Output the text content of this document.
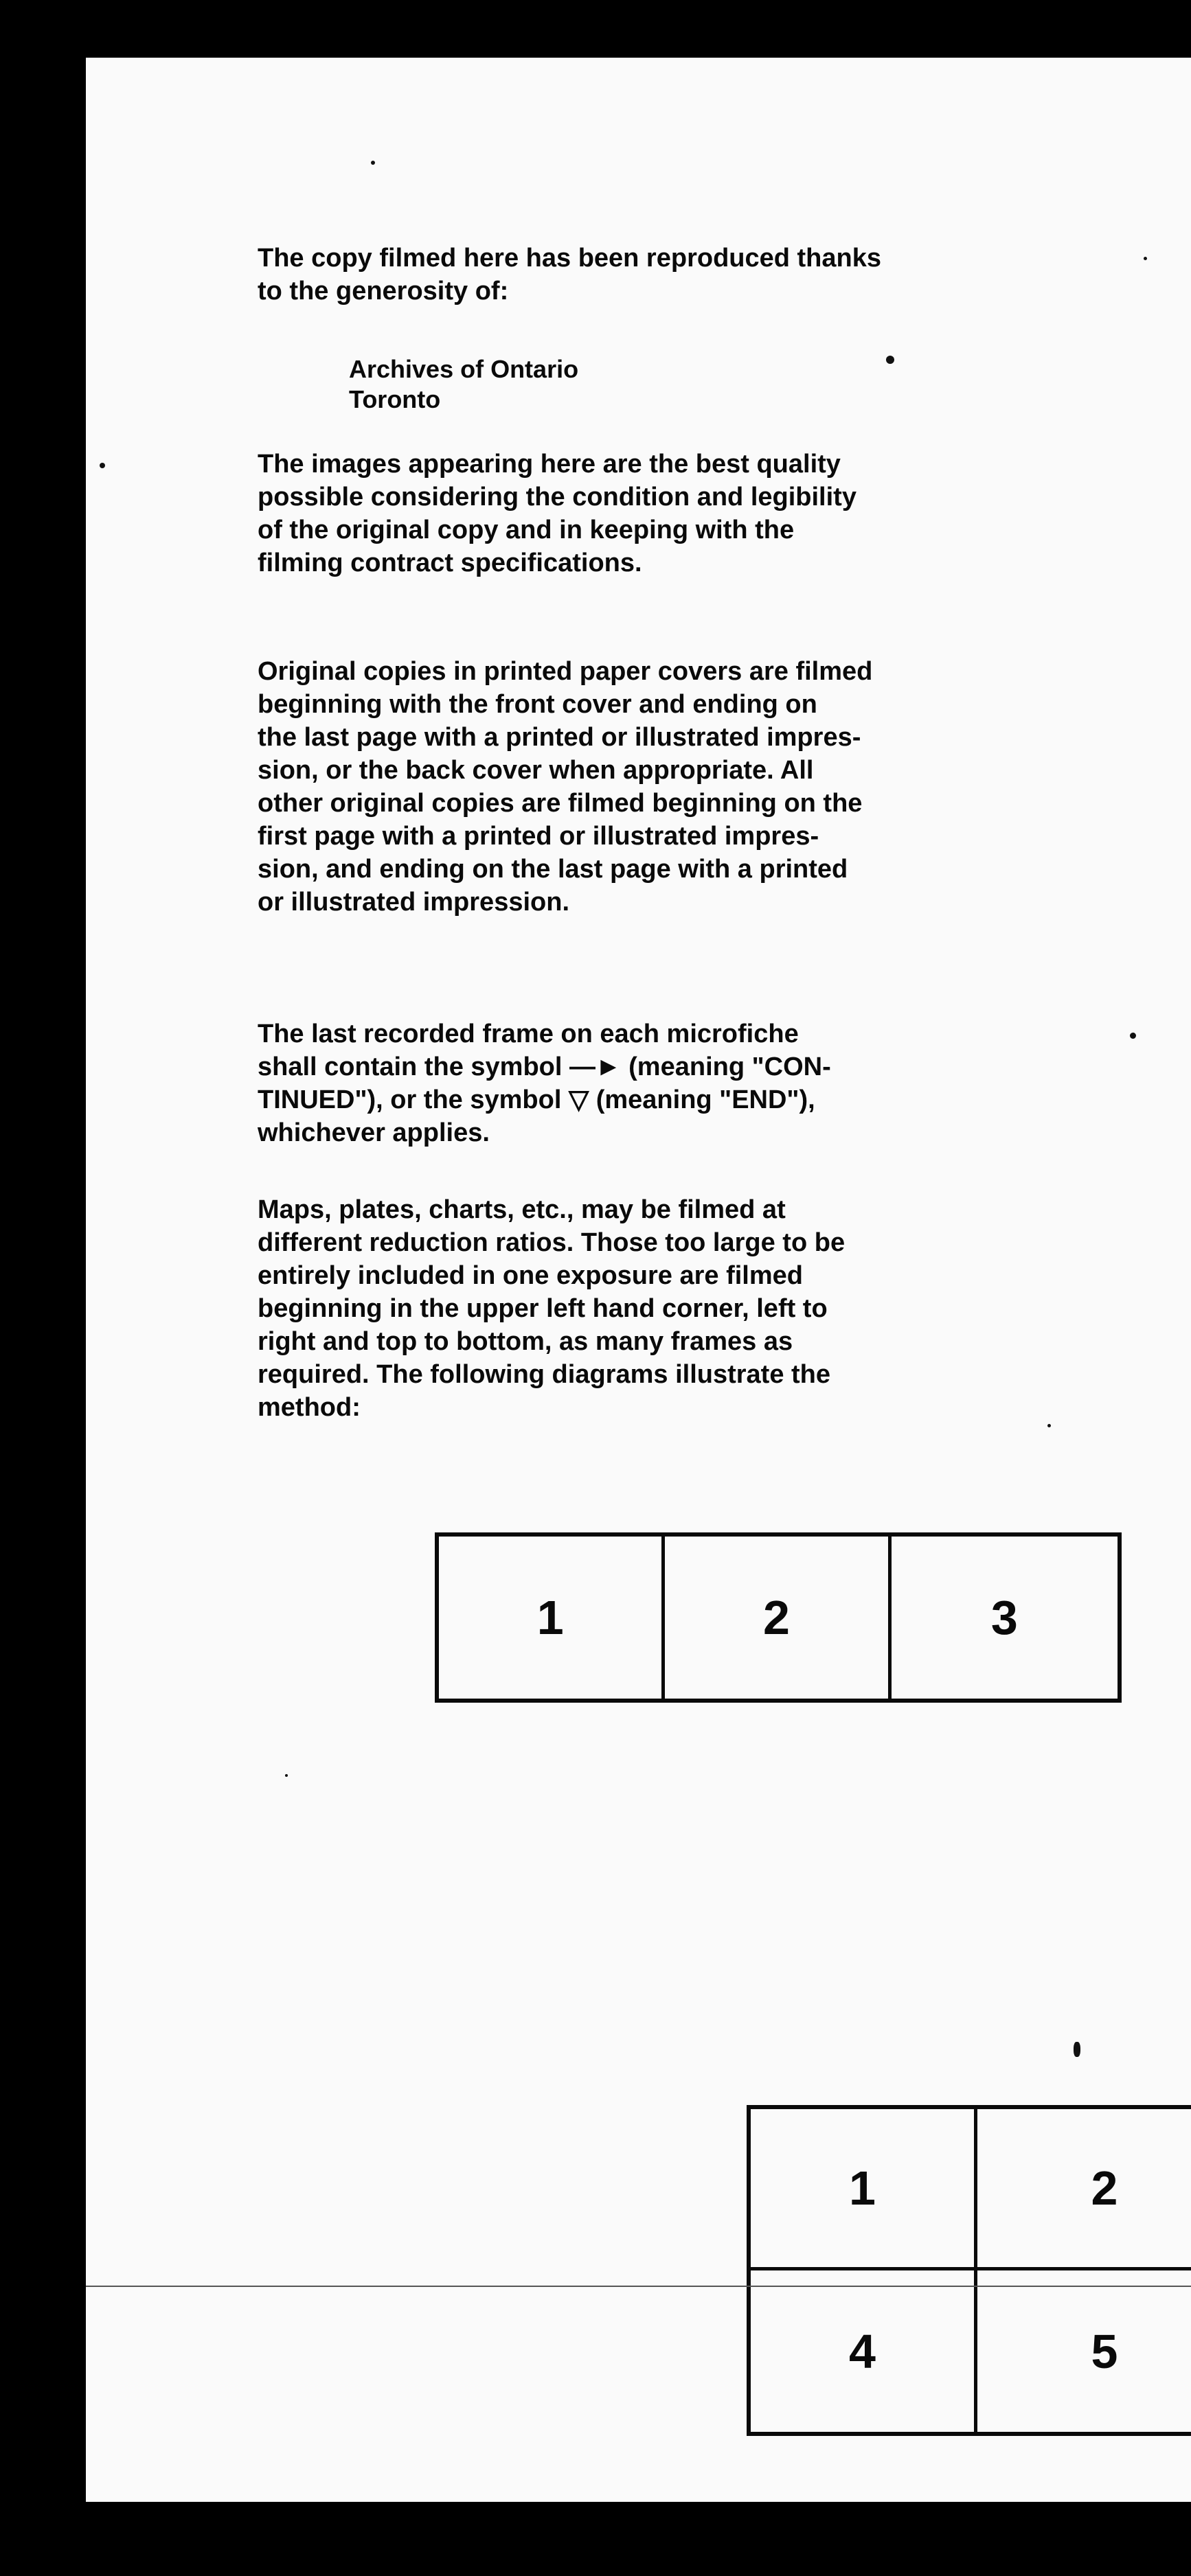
The copy filmed here has been reproduced thanks
to the generosity of:

Archives of Ontario
Toronto

The images appearing here are the best quality
possible considering the condition and legibility
of the original copy and in keeping with the
filming contract specifications.

Original copies in printed paper covers are filmed
beginning with the front cover and ending on
the last page with a printed or illustrated impres-
sion, or the back cover when appropriate. All
other original copies are filmed beginning on the
first page with a printed or illustrated impres-
sion, and ending on the last page with a printed
or illustrated impression.

The last recorded frame on each microfiche
shall contain the symbol —► (meaning "CON-
TINUED"), or the symbol ▽ (meaning "END"),
whichever applies.

Maps, plates, charts, etc., may be filmed at
different reduction ratios. Those too large to be
entirely included in one exposure are filmed
beginning in the upper left hand corner, left to
right and top to bottom, as many frames as
required. The following diagrams illustrate the
method:

1	2	3
1	2
4	5
